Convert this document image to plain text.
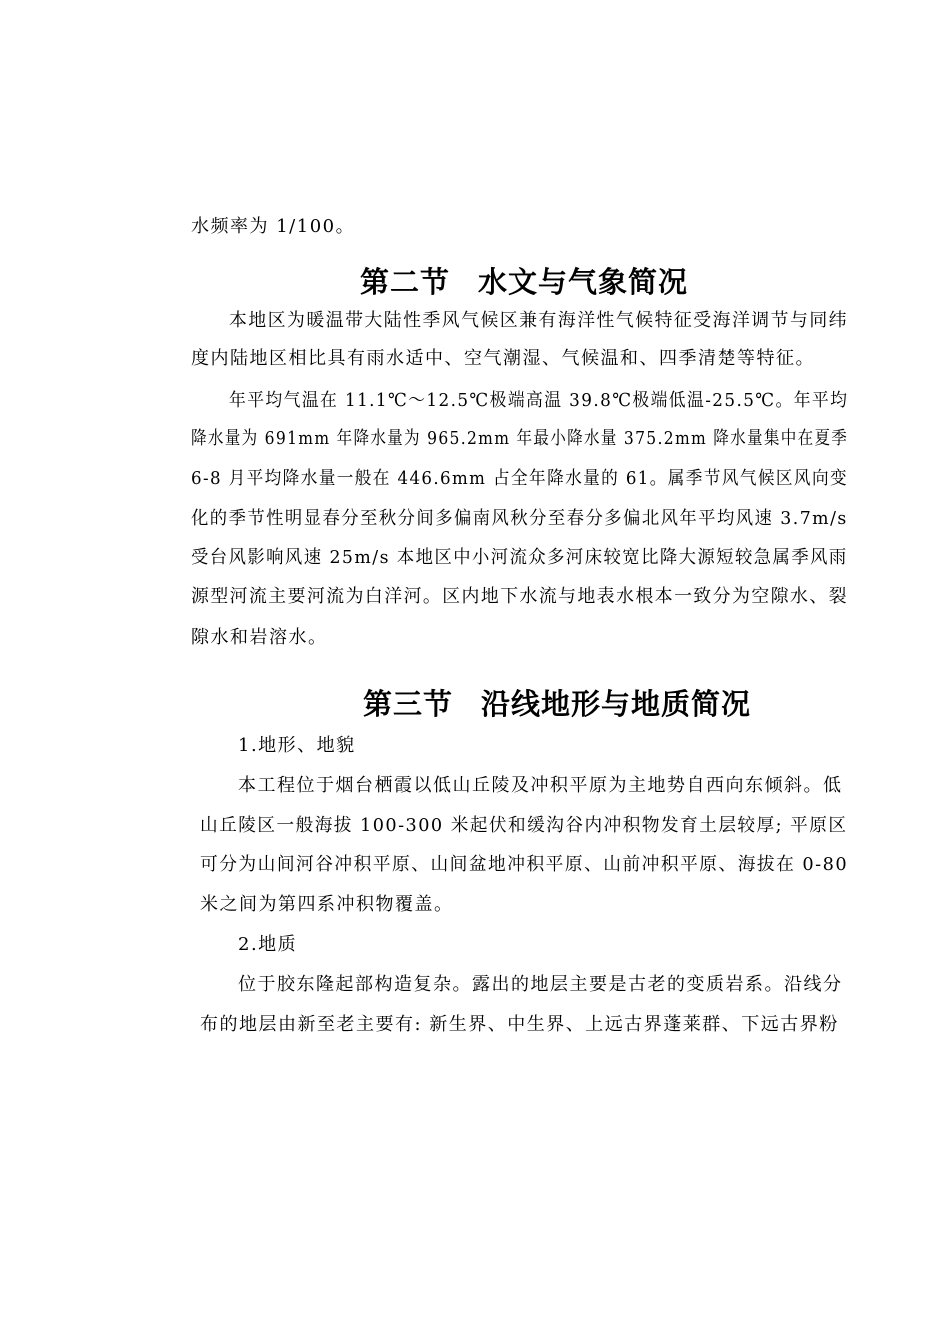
水频率为 1/100。
第二节 水文与气象简况
本地区为暖温带大陆性季风气候区兼有海洋性气候特征受海洋调节与同纬
度内陆地区相比具有雨水适中、空气潮湿、气候温和、四季清楚等特征。
年平均气温在 11.1℃～12.5℃极端高温 39.8℃极端低温-25.5℃。年平均
降水量为 691mm 年降水量为 965.2mm 年最小降水量 375.2mm 降水量集中在夏季
6-8 月平均降水量一般在 446.6mm 占全年降水量的 61。属季节风气候区风向变
化的季节性明显春分至秋分间多偏南风秋分至春分多偏北风年平均风速 3.7m/s
受台风影响风速 25m/s 本地区中小河流众多河床较宽比降大源短较急属季风雨
源型河流主要河流为白洋河。区内地下水流与地表水根本一致分为空隙水、裂
隙水和岩溶水。
第三节 沿线地形与地质简况
1.地形、地貌
本工程位于烟台栖霞以低山丘陵及冲积平原为主地势自西向东倾斜。低
山丘陵区一般海拔 100-300 米起伏和缓沟谷内冲积物发育土层较厚; 平原区
可分为山间河谷冲积平原、山间盆地冲积平原、山前冲积平原、海拔在 0-80
米之间为第四系冲积物覆盖。
2.地质
位于胶东隆起部构造复杂。露出的地层主要是古老的变质岩系。沿线分
布的地层由新至老主要有: 新生界、中生界、上远古界蓬莱群、下远古界粉
